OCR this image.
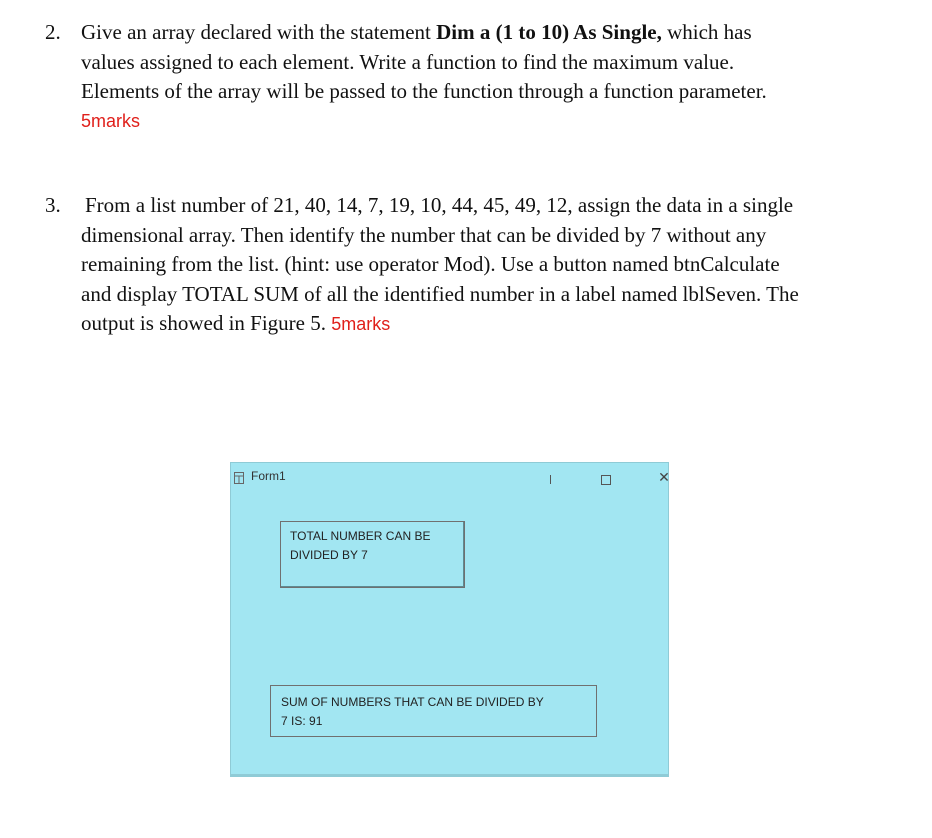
2. Give an array declared with the statement Dim a (1 to 10) As Single, which has
values assigned to each element. Write a function to find the maximum value.
Elements of the array will be passed to the function through a function parameter.
5marks
3. From a list number of 21, 40, 14, 7, 19, 10, 44, 45, 49, 12, assign the data in a single
dimensional array. Then identify the number that can be divided by 7 without any
remaining from the list. (hint: use operator Mod). Use a button named btnCalculate
and display TOTAL SUM of all the identified number in a label named lblSeven. The
output is showed in Figure 5. 5marks
Form1	✕
TOTAL NUMBER CAN BE
DIVIDED BY 7
SUM OF NUMBERS THAT CAN BE DIVIDED BY
7 IS: 91
